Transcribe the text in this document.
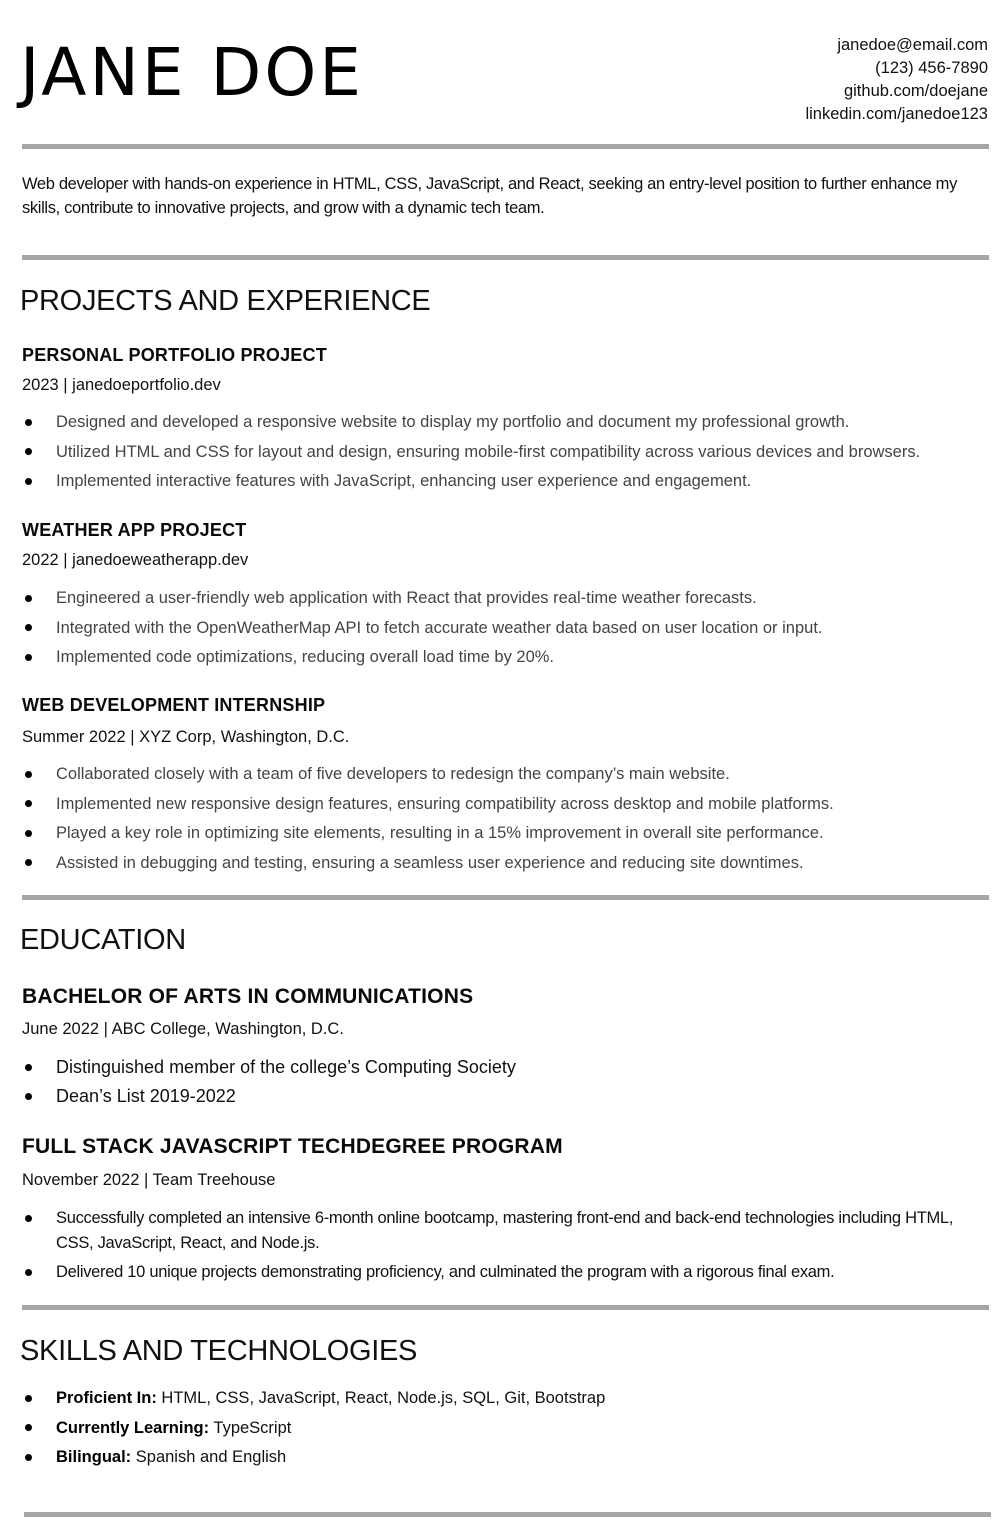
JANE DOE	janedoe@email.com
(123) 456-7890
github.com/doejane
linkedin.com/janedoe123
Web developer with hands-on experience in HTML, CSS, JavaScript, and React, seeking an entry-level position to further enhance my skills, contribute to innovative projects, and grow with a dynamic tech team.
PROJECTS AND EXPERIENCE
PERSONAL PORTFOLIO PROJECT
2023 | janedoeportfolio.dev
Designed and developed a responsive website to display my portfolio and document my professional growth.
Utilized HTML and CSS for layout and design, ensuring mobile-first compatibility across various devices and browsers.
Implemented interactive features with JavaScript, enhancing user experience and engagement.
WEATHER APP PROJECT
2022 | janedoeweatherapp.dev
Engineered a user-friendly web application with React that provides real-time weather forecasts.
Integrated with the OpenWeatherMap API to fetch accurate weather data based on user location or input.
Implemented code optimizations, reducing overall load time by 20%.
WEB DEVELOPMENT INTERNSHIP
Summer 2022 | XYZ Corp, Washington, D.C.
Collaborated closely with a team of five developers to redesign the company’s main website.
Implemented new responsive design features, ensuring compatibility across desktop and mobile platforms.
Played a key role in optimizing site elements, resulting in a 15% improvement in overall site performance.
Assisted in debugging and testing, ensuring a seamless user experience and reducing site downtimes.
EDUCATION
BACHELOR OF ARTS IN COMMUNICATIONS
June 2022 | ABC College, Washington, D.C.
Distinguished member of the college’s Computing Society
Dean’s List 2019-2022
FULL STACK JAVASCRIPT TECHDEGREE PROGRAM
November 2022 | Team Treehouse
Successfully completed an intensive 6-month online bootcamp, mastering front-end and back-end technologies including HTML, CSS, JavaScript, React, and Node.js.
Delivered 10 unique projects demonstrating proficiency, and culminated the program with a rigorous final exam.
SKILLS AND TECHNOLOGIES
Proficient In: HTML, CSS, JavaScript, React, Node.js, SQL, Git, Bootstrap
Currently Learning: TypeScript
Bilingual: Spanish and English
